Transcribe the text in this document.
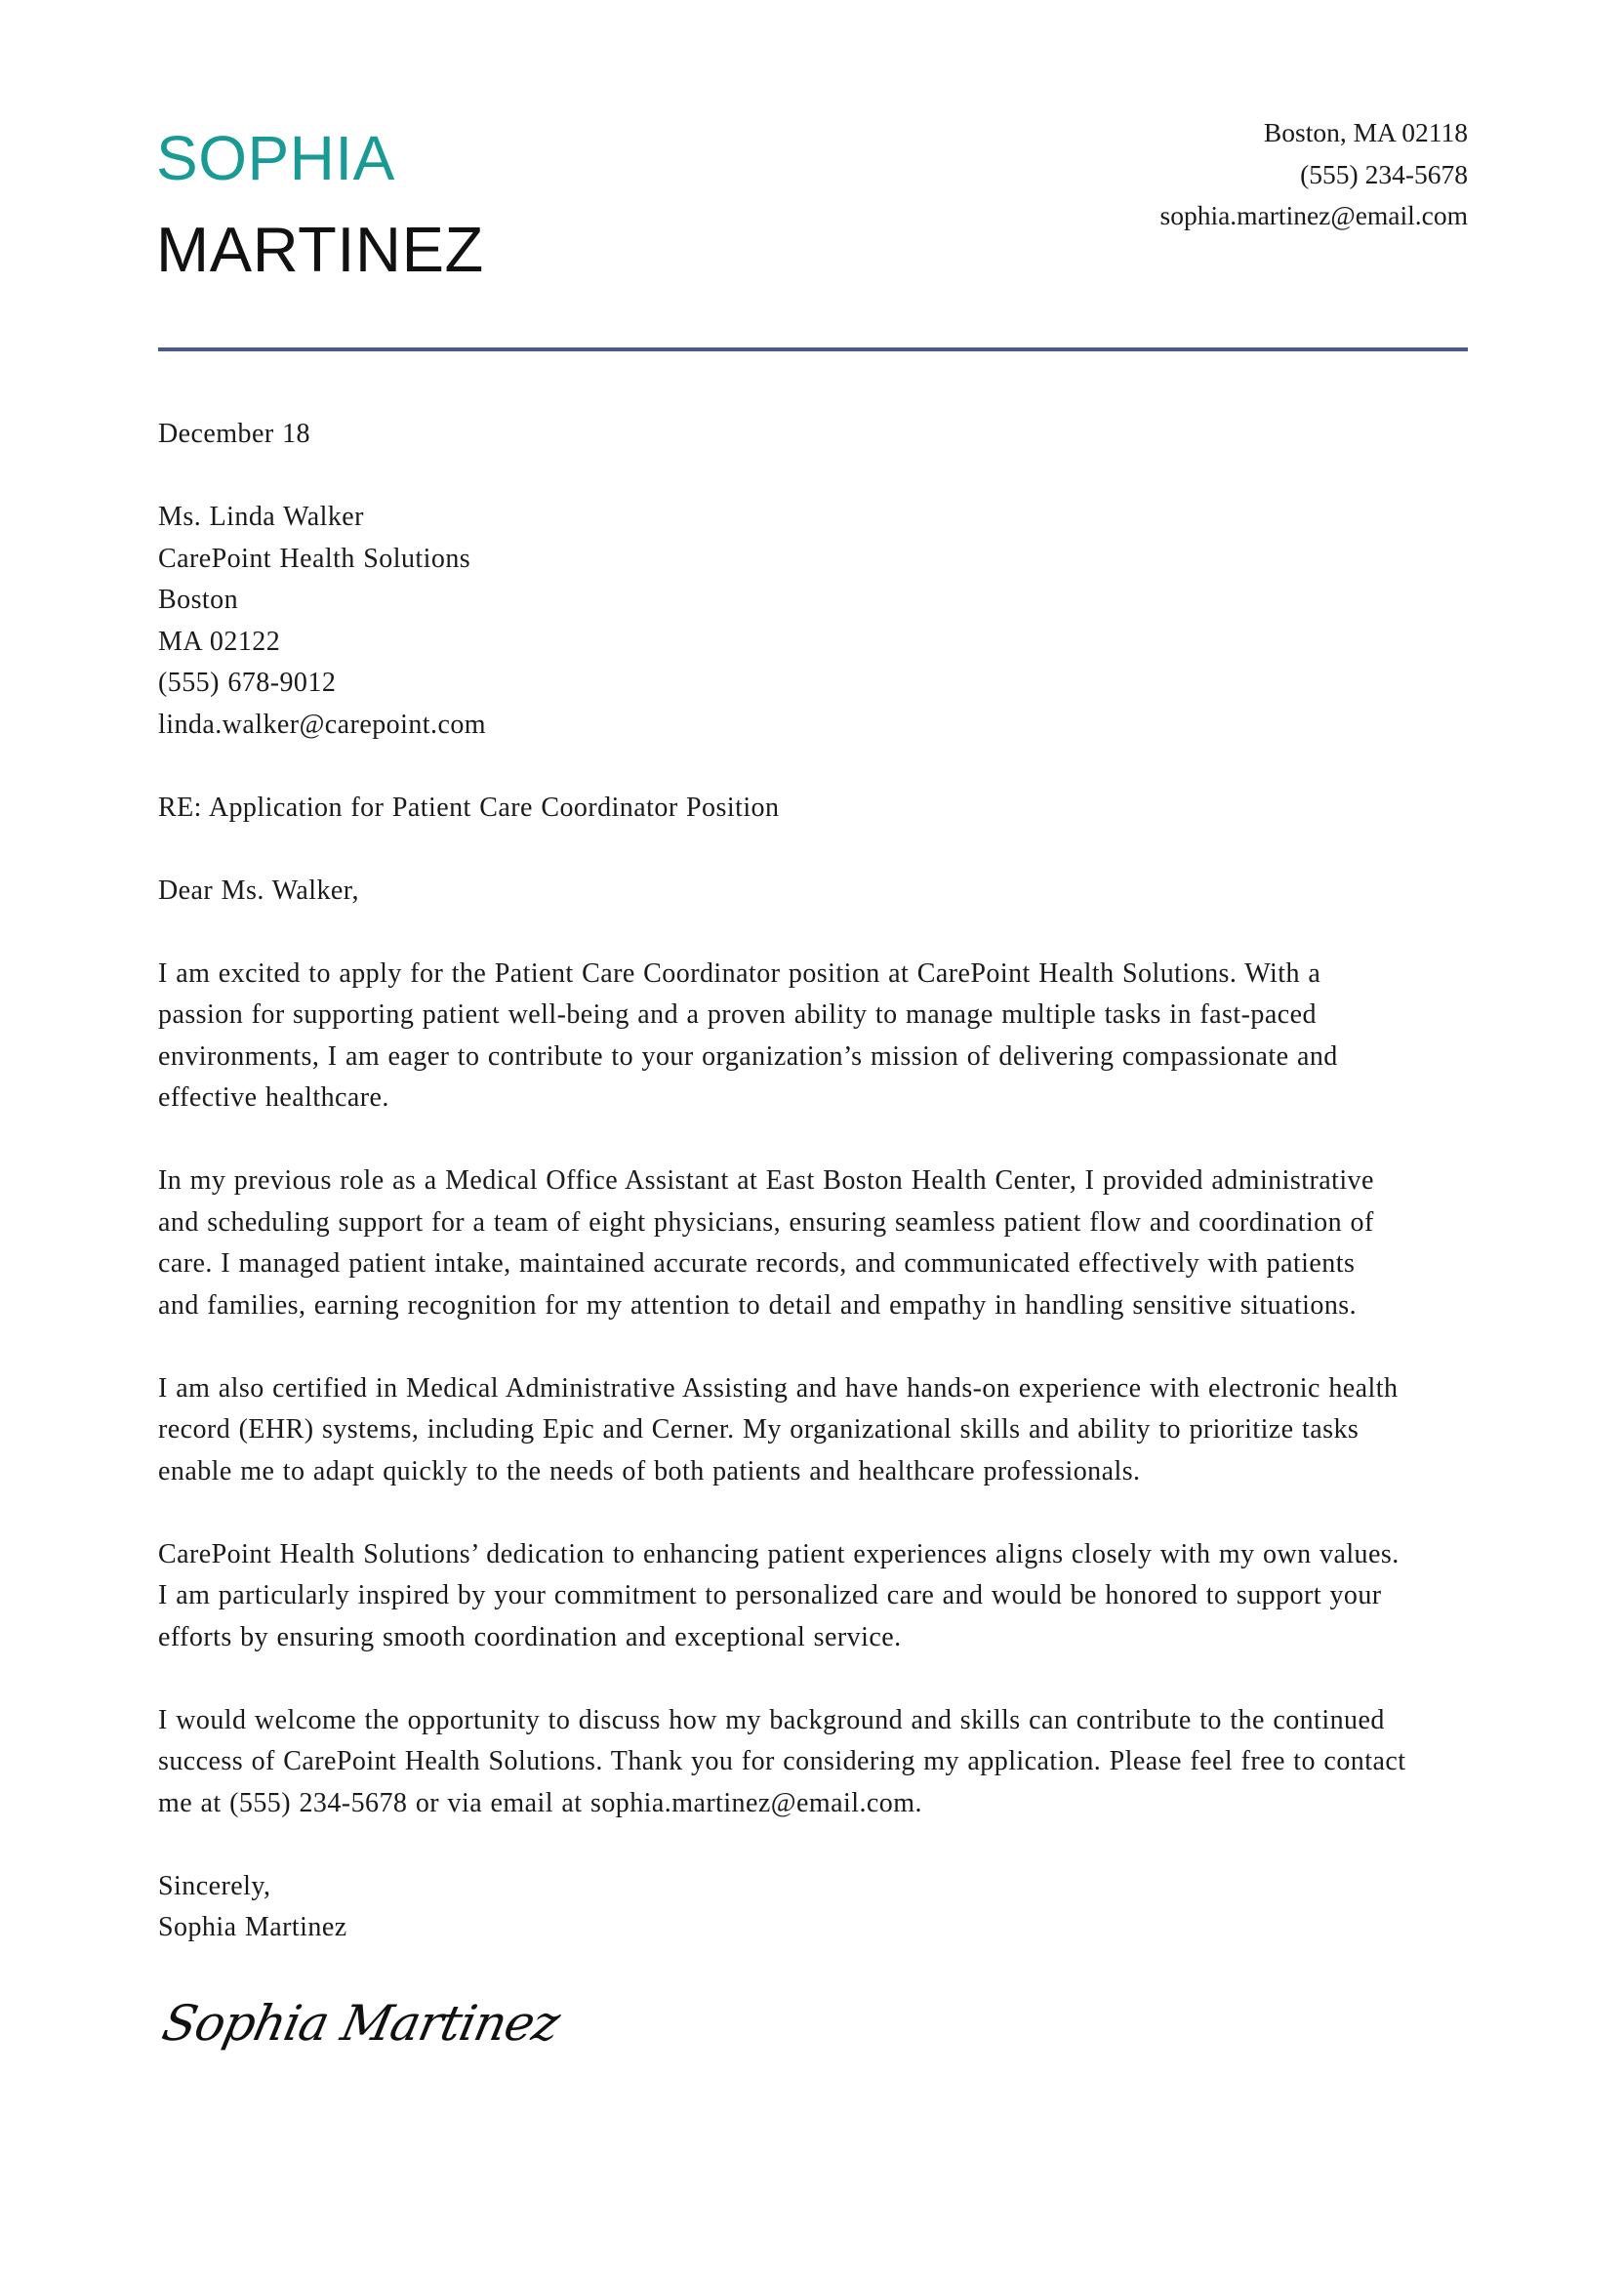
SOPHIA
MARTINEZ
Boston, MA 02118
(555) 234-5678
sophia.martinez@email.com
December 18
Ms. Linda Walker
CarePoint Health Solutions
Boston
MA 02122
(555) 678-9012
linda.walker@carepoint.com
RE: Application for Patient Care Coordinator Position
Dear Ms. Walker,
I am excited to apply for the Patient Care Coordinator position at CarePoint Health Solutions. With a
passion for supporting patient well-being and a proven ability to manage multiple tasks in fast-paced
environments, I am eager to contribute to your organization’s mission of delivering compassionate and
effective healthcare.
In my previous role as a Medical Office Assistant at East Boston Health Center, I provided administrative
and scheduling support for a team of eight physicians, ensuring seamless patient flow and coordination of
care. I managed patient intake, maintained accurate records, and communicated effectively with patients
and families, earning recognition for my attention to detail and empathy in handling sensitive situations.
I am also certified in Medical Administrative Assisting and have hands-on experience with electronic health
record (EHR) systems, including Epic and Cerner. My organizational skills and ability to prioritize tasks
enable me to adapt quickly to the needs of both patients and healthcare professionals.
CarePoint Health Solutions’ dedication to enhancing patient experiences aligns closely with my own values.
I am particularly inspired by your commitment to personalized care and would be honored to support your
efforts by ensuring smooth coordination and exceptional service.
I would welcome the opportunity to discuss how my background and skills can contribute to the continued
success of CarePoint Health Solutions. Thank you for considering my application. Please feel free to contact
me at (555) 234-5678 or via email at sophia.martinez@email.com.
Sincerely,
Sophia Martinez
Sophia Martinez
